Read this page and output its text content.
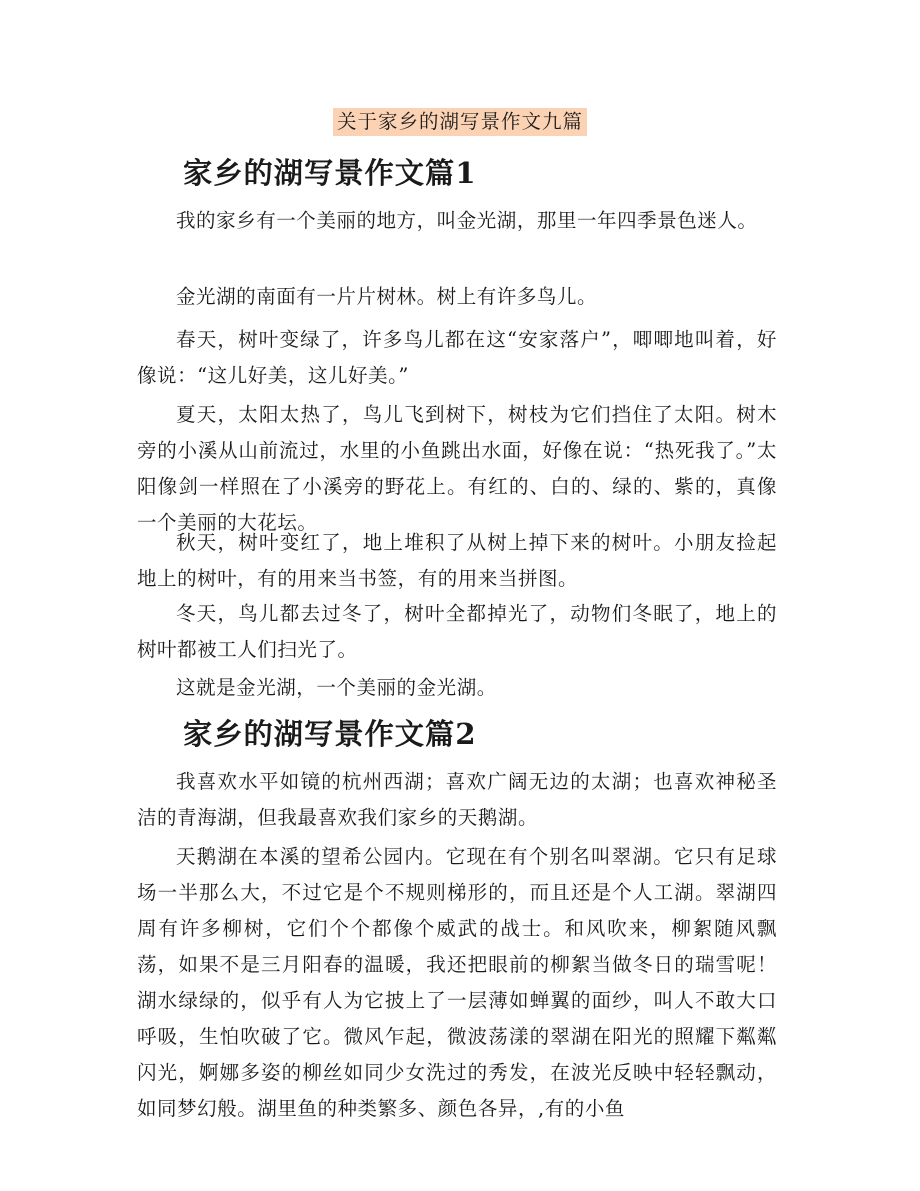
关于家乡的湖写景作文九篇
家乡的湖写景作文篇1

我的家乡有一个美丽的地方，叫金光湖，那里一年四季景色迷人。

金光湖的南面有一片片树林。树上有许多鸟儿。

春天，树叶变绿了，许多鸟儿都在这“安家落户”，唧唧地叫着，好像说：“这儿好美，这儿好美。”

夏天，太阳太热了，鸟儿飞到树下，树枝为它们挡住了太阳。树木旁的小溪从山前流过，水里的小鱼跳出水面，好像在说：“热死我了。”太阳像剑一样照在了小溪旁的野花上。有红的、白的、绿的、紫的，真像一个美丽的大花坛。

秋天，树叶变红了，地上堆积了从树上掉下来的树叶。小朋友捡起地上的树叶，有的用来当书签，有的用来当拼图。

冬天，鸟儿都去过冬了，树叶全都掉光了，动物们冬眠了，地上的树叶都被工人们扫光了。

这就是金光湖，一个美丽的金光湖。

家乡的湖写景作文篇2

我喜欢水平如镜的杭州西湖；喜欢广阔无边的太湖；也喜欢神秘圣洁的青海湖，但我最喜欢我们家乡的天鹅湖。

天鹅湖在本溪的望希公园内。它现在有个别名叫翠湖。它只有足球场一半那么大，不过它是个不规则梯形的，而且还是个人工湖。翠湖四周有许多柳树，它们个个都像个威武的战士。和风吹来，柳絮随风飘荡，如果不是三月阳春的温暖，我还把眼前的柳絮当做冬日的瑞雪呢！湖水绿绿的，似乎有人为它披上了一层薄如蝉翼的面纱，叫人不敢大口呼吸，生怕吹破了它。微风乍起，微波荡漾的翠湖在阳光的照耀下粼粼闪光，婀娜多姿的柳丝如同少女洗过的秀发，在波光反映中轻轻飘动，如同梦幻般。湖里鱼的种类繁多、颜色各异，,有的小鱼
